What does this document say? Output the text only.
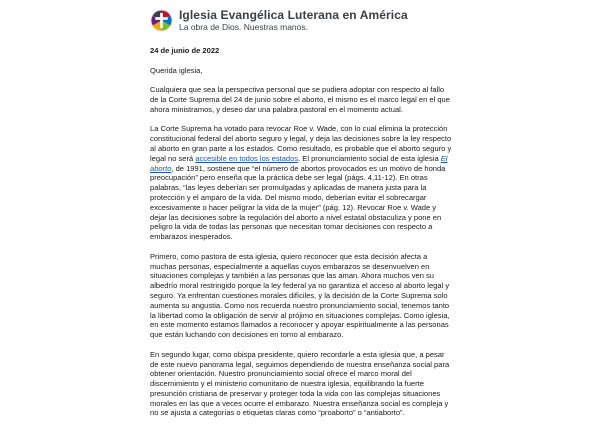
Iglesia Evangélica Luterana en América
La obra de Dios. Nuestras manos.
24 de junio de 2022
Querida iglesia,

Cualquiera que sea la perspectiva personal que se pudiera adoptar con respecto al fallo de la Corte Suprema del 24 de junio sobre el aborto, el mismo es el marco legal en el que ahora ministramos, y deseo dar una palabra pastoral en el momento actual.

La Corte Suprema ha votado para revocar Roe v. Wade, con lo cual elimina la protección constitucional federal del aborto seguro y legal, y deja las decisiones sobre la ley respecto al aborto en gran parte a los estados. Como resultado, es probable que el aborto seguro y legal no será accesible en todos los estados. El pronunciamiento social de esta iglesia El aborto, de 1991, sostiene que “el número de abortos provocados es un motivo de honda preocupación” pero enseña que la práctica debe ser legal (págs. 4,11-12). En otras palabras, “las leyes deberían ser promulgadas y aplicadas de manera justa para la protección y el amparo de la vida. Del mismo modo, deberían evitar el sobrecargar excesivamente o hacer peligrar la vida de la mujer” (pág. 12). Revocar Roe v. Wade y dejar las decisiones sobre la regulación del aborto a nivel estatal obstaculiza y pone en peligro la vida de todas las personas que necesitan tomar decisiones con respecto a embarazos inesperados.

Primero, como pastora de esta iglesia, quiero reconocer que esta decisión afecta a muchas personas, especialmente a aquellas cuyos embarazos se desenvuelven en situaciones complejas y también a las personas que las aman. Ahora muchos ven su albedrío moral restringido porque la ley federal ya no garantiza el acceso al aborto legal y seguro. Ya enfrentan cuestiones morales difíciles, y la decisión de la Corte Suprema solo aumenta su angustia. Como nos recuerda nuestro pronunciamiento social, tenemos tanto la libertad como la obligación de servir al prójimo en situaciones complejas. Como iglesia, en este momento estamos llamados a reconocer y apoyar espiritualmente a las personas que están luchando con decisiones en torno al embarazo.

En segundo lugar, como obispa presidente, quiero recordarle a esta iglesia que, a pesar de este nuevo panorama legal, seguimos dependiendo de nuestra enseñanza social para obtener orientación. Nuestro pronunciamiento social ofrece el marco moral del discernimiento y el ministerio comunitario de nuestra iglesia, equilibrando la fuerte presunción cristiana de preservar y proteger toda la vida con las complejas situaciones morales en las que a veces ocurre el embarazo. Nuestra enseñanza social es compleja y no se ajusta a categorías o etiquetas claras como “proaborto” o “antiaborto”.
